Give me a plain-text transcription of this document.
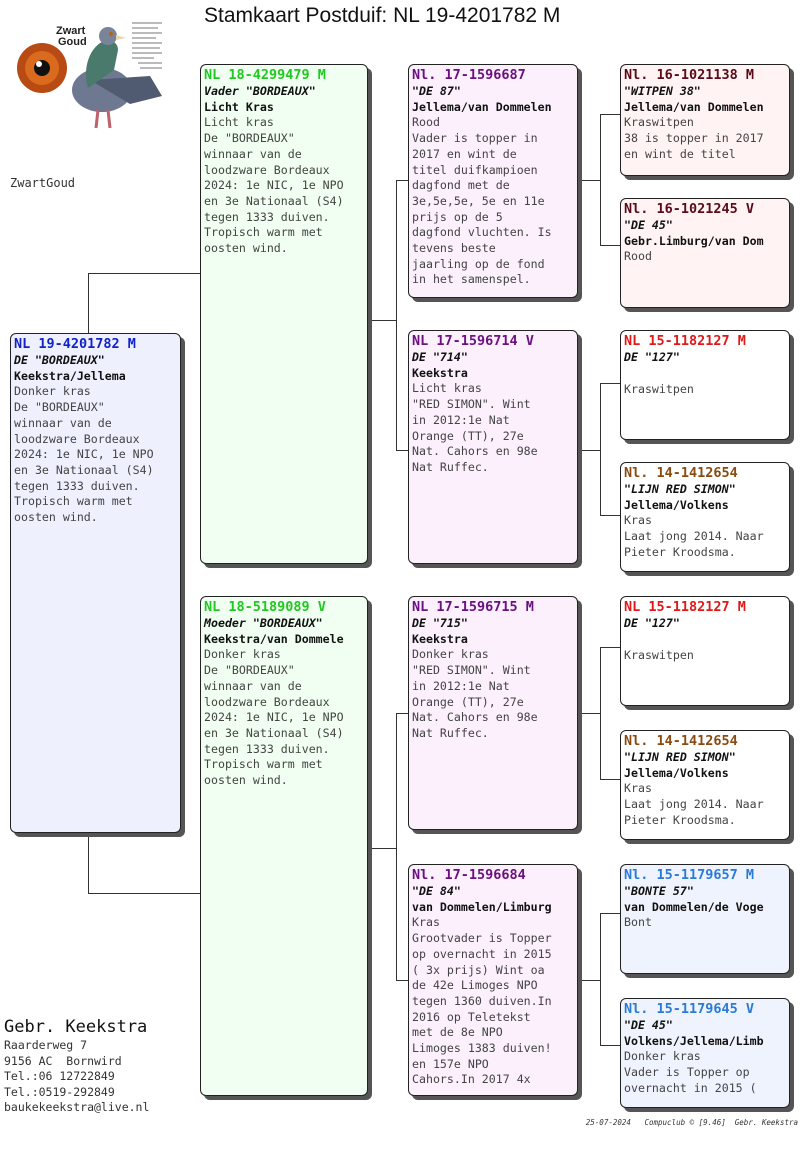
Stamkaart Postduif: NL 19-4201782 M
Zwart
Goud
ZwartGoud
NL 19-4201782 M
DE "BORDEAUX"
Keekstra/Jellema
Donker kras
De "BORDEAUX"
winnaar van de
loodzware Bordeaux
2024: 1e NIC, 1e NPO
en 3e Nationaal (S4)
tegen 1333 duiven.
Tropisch warm met
oosten wind.
NL 18-4299479 M
Vader "BORDEAUX"
Licht Kras
Licht kras
De "BORDEAUX"
winnaar van de
loodzware Bordeaux
2024: 1e NIC, 1e NPO
en 3e Nationaal (S4)
tegen 1333 duiven.
Tropisch warm met
oosten wind.
NL 18-5189089 V
Moeder "BORDEAUX"
Keekstra/van Dommele
Donker kras
De "BORDEAUX"
winnaar van de
loodzware Bordeaux
2024: 1e NIC, 1e NPO
en 3e Nationaal (S4)
tegen 1333 duiven.
Tropisch warm met
oosten wind.
Nl. 17-1596687
"DE 87"
Jellema/van Dommelen
Rood
Vader is topper in
2017 en wint de
titel duifkampioen
dagfond met de
3e,5e,5e, 5e en 11e
prijs op de 5
dagfond vluchten. Is
tevens beste
jaarling op de fond
in het samenspel.
NL 17-1596714 V
DE "714"
Keekstra
Licht kras
"RED SIMON". Wint
in 2012:1e Nat
Orange (TT), 27e
Nat. Cahors en 98e
Nat Ruffec.
NL 17-1596715 M
DE "715"
Keekstra
Donker kras
"RED SIMON". Wint
in 2012:1e Nat
Orange (TT), 27e
Nat. Cahors en 98e
Nat Ruffec.
Nl. 17-1596684
"DE 84"
van Dommelen/Limburg
Kras
Grootvader is Topper
op overnacht in 2015
( 3x prijs) Wint oa
de 42e Limoges NPO
tegen 1360 duiven.In
2016 op Teletekst
met de 8e NPO
Limoges 1383 duiven!
en 157e NPO
Cahors.In 2017 4x
Nl. 16-1021138 M
"WITPEN 38"
Jellema/van Dommelen
Kraswitpen
38 is topper in 2017
en wint de titel
Nl. 16-1021245 V
"DE 45"
Gebr.Limburg/van Dom
Rood
NL 15-1182127 M
DE "127"
Kraswitpen
Nl. 14-1412654
"LIJN RED SIMON"
Jellema/Volkens
Kras
Laat jong 2014. Naar
Pieter Kroodsma.
NL 15-1182127 M
DE "127"
Kraswitpen
Nl. 14-1412654
"LIJN RED SIMON"
Jellema/Volkens
Kras
Laat jong 2014. Naar
Pieter Kroodsma.
Nl. 15-1179657 M
"BONTE 57"
van Dommelen/de Voge
Bont
Nl. 15-1179645 V
"DE 45"
Volkens/Jellema/Limb
Donker kras
Vader is Topper op
overnacht in 2015 (
Gebr. Keekstra
Raarderweg 7
9156 AC  Bornwird
Tel.:06 12722849
Tel.:0519-292849
baukekeekstra@live.nl
25-07-2024   Compuclub © [9.46]  Gebr. Keekstra
